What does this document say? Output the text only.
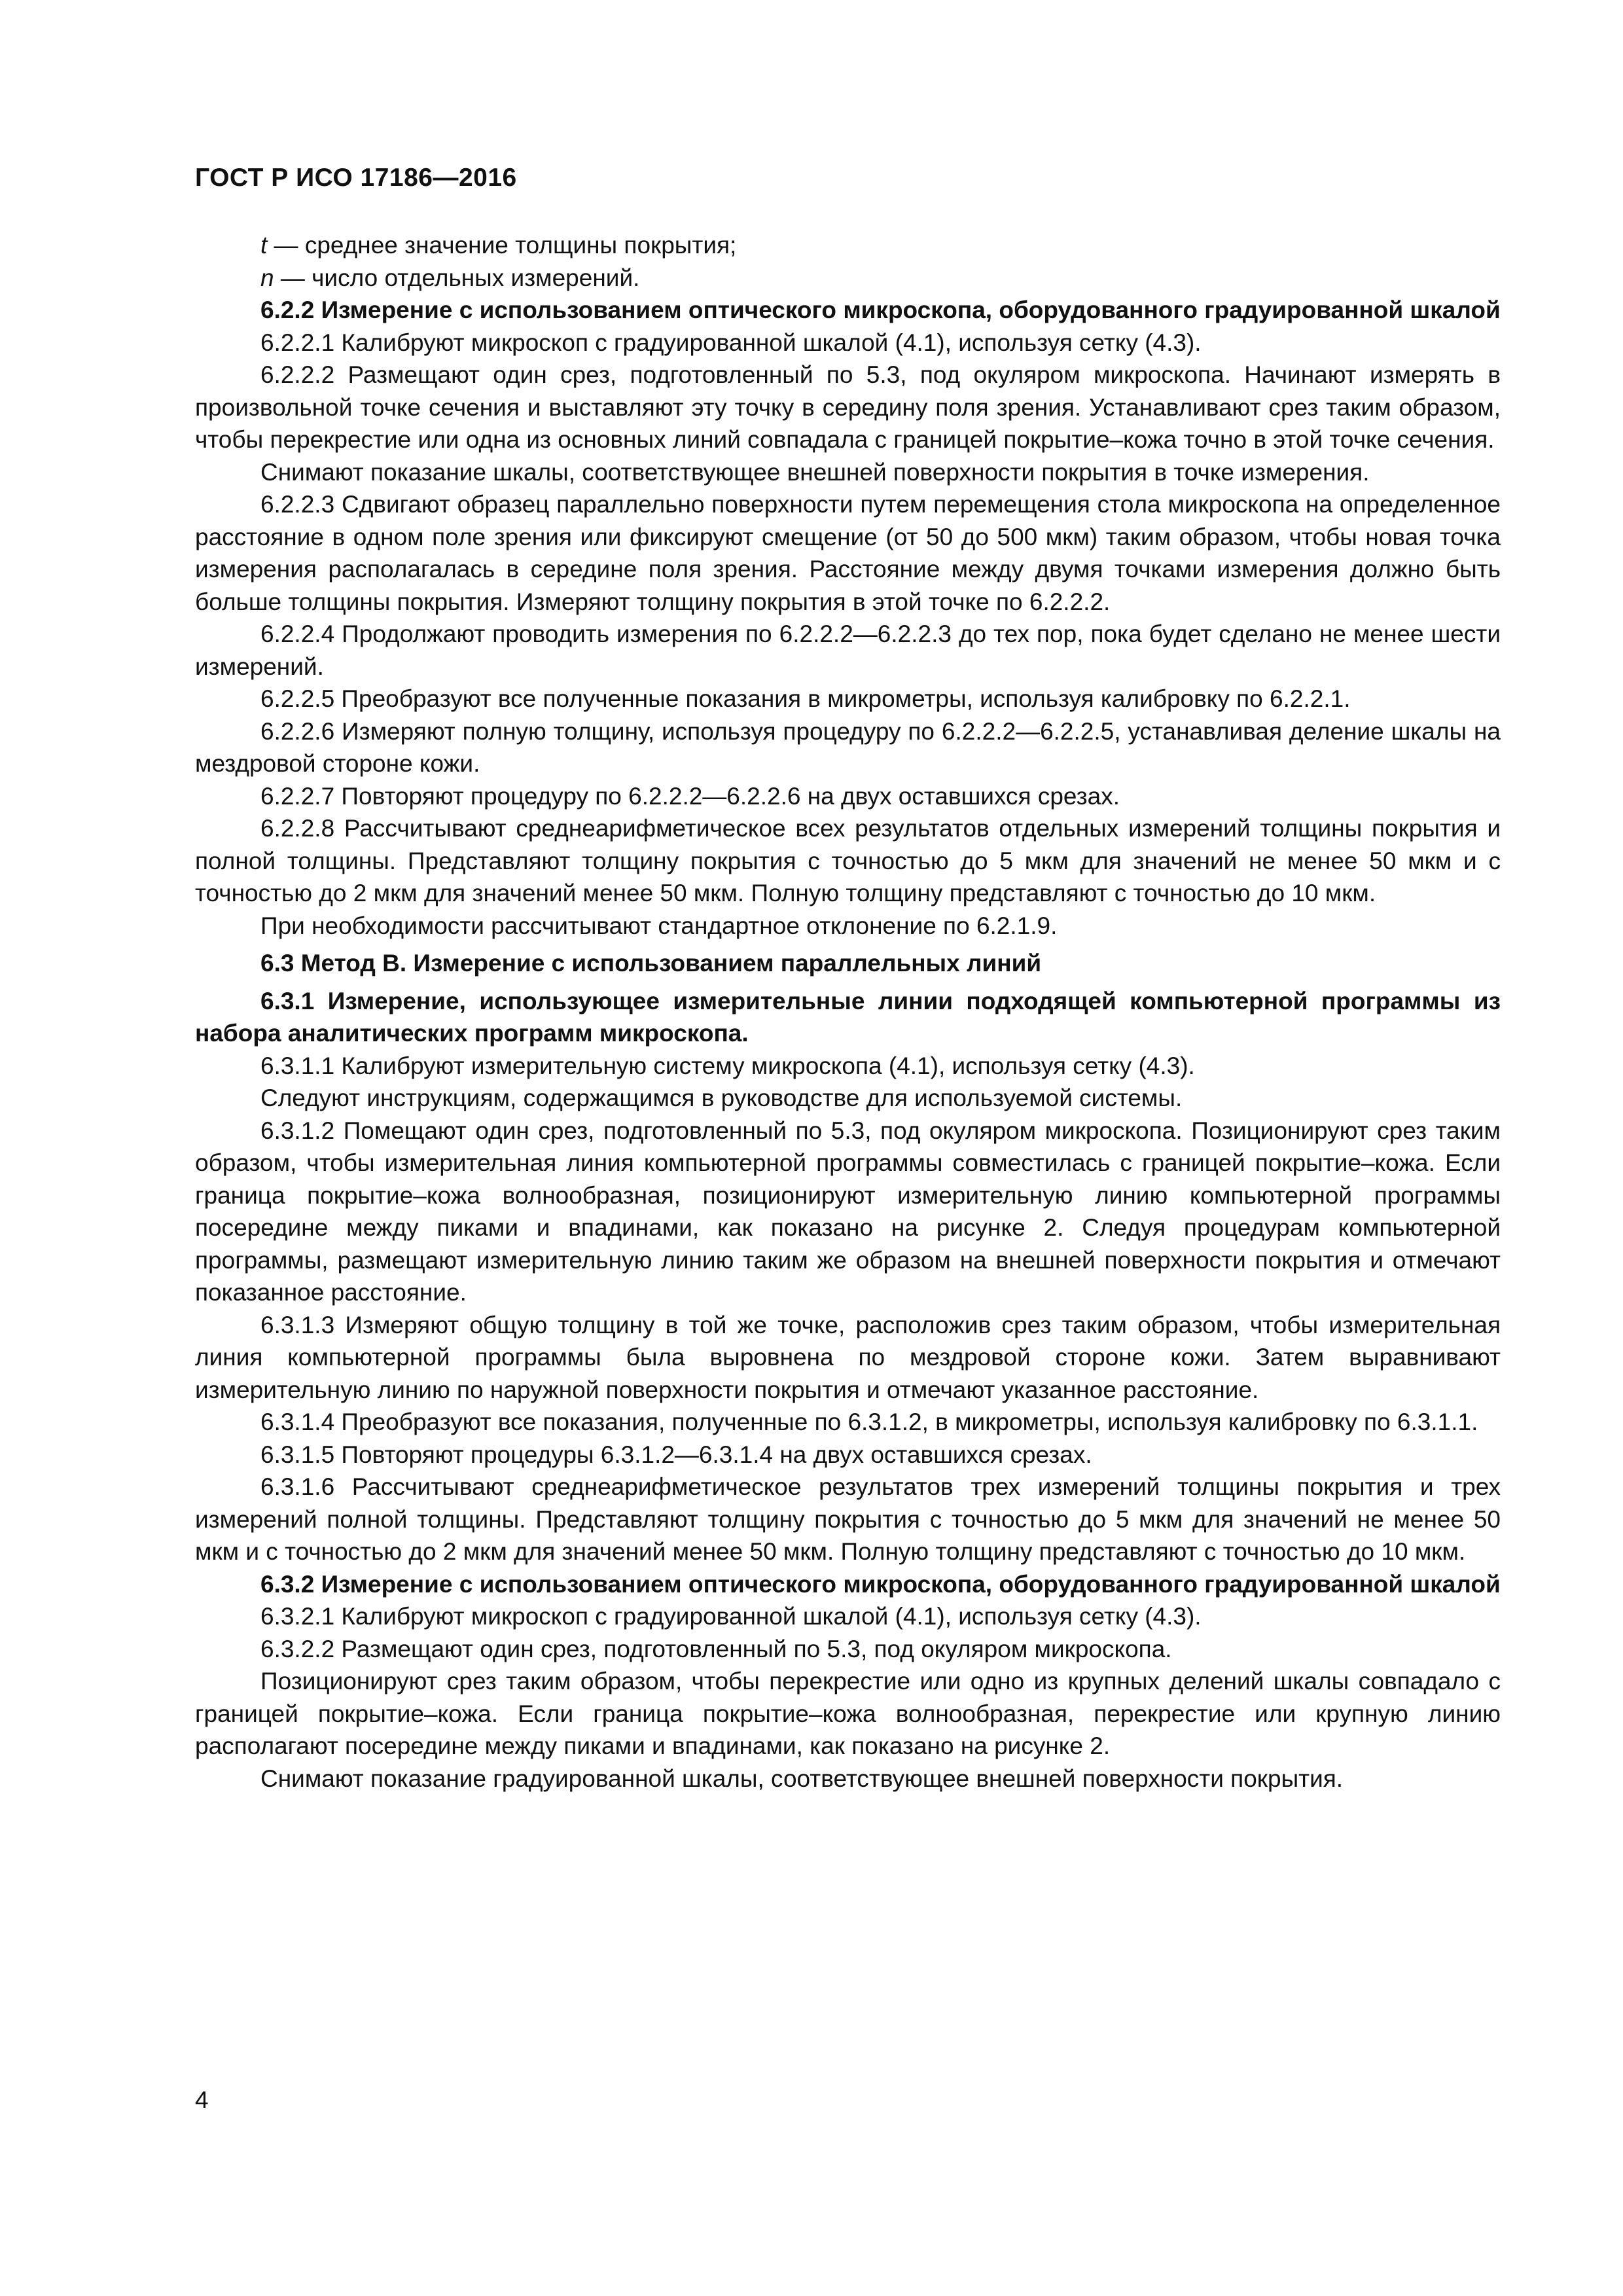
ГОСТ Р ИСО 17186—2016

t — среднее значение толщины покрытия;

n — число отдельных измерений.

6.2.2 Измерение с использованием оптического микроскопа, оборудованного градуированной шкалой

6.2.2.1 Калибруют микроскоп с градуированной шкалой (4.1), используя сетку (4.3).

6.2.2.2 Размещают один срез, подготовленный по 5.3, под окуляром микроскопа. Начинают измерять в произвольной точке сечения и выставляют эту точку в середину поля зрения. Устанавливают срез таким образом, чтобы перекрестие или одна из основных линий совпадала с границей покрытие–кожа точно в этой точке сечения.

Снимают показание шкалы, соответствующее внешней поверхности покрытия в точке измерения.

6.2.2.3 Сдвигают образец параллельно поверхности путем перемещения стола микроскопа на определенное расстояние в одном поле зрения или фиксируют смещение (от 50 до 500 мкм) таким образом, чтобы новая точка измерения располагалась в середине поля зрения. Расстояние между двумя точками измерения должно быть больше толщины покрытия. Измеряют толщину покрытия в этой точке по 6.2.2.2.

6.2.2.4 Продолжают проводить измерения по 6.2.2.2—6.2.2.3 до тех пор, пока будет сделано не менее шести измерений.

6.2.2.5 Преобразуют все полученные показания в микрометры, используя калибровку по 6.2.2.1.

6.2.2.6 Измеряют полную толщину, используя процедуру по 6.2.2.2—6.2.2.5, устанавливая деление шкалы на мездровой стороне кожи.

6.2.2.7 Повторяют процедуру по 6.2.2.2—6.2.2.6 на двух оставшихся срезах.

6.2.2.8 Рассчитывают среднеарифметическое всех результатов отдельных измерений толщины покрытия и полной толщины. Представляют толщину покрытия с точностью до 5 мкм для значений не менее 50 мкм и с точностью до 2 мкм для значений менее 50 мкм. Полную толщину представляют с точностью до 10 мкм.

При необходимости рассчитывают стандартное отклонение по 6.2.1.9.

6.3 Метод В. Измерение с использованием параллельных линий

6.3.1 Измерение, использующее измерительные линии подходящей компьютерной программы из набора аналитических программ микроскопа.

6.3.1.1 Калибруют измерительную систему микроскопа (4.1), используя сетку (4.3).

Следуют инструкциям, содержащимся в руководстве для используемой системы.

6.3.1.2 Помещают один срез, подготовленный по 5.3, под окуляром микроскопа. Позиционируют срез таким образом, чтобы измерительная линия компьютерной программы совместилась с границей покрытие–кожа. Если граница покрытие–кожа волнообразная, позиционируют измерительную линию компьютерной программы посередине между пиками и впадинами, как показано на рисунке 2. Следуя процедурам компьютерной программы, размещают измерительную линию таким же образом на внешней поверхности покрытия и отмечают показанное расстояние.

6.3.1.3 Измеряют общую толщину в той же точке, расположив срез таким образом, чтобы измерительная линия компьютерной программы была выровнена по мездровой стороне кожи. Затем выравнивают измерительную линию по наружной поверхности покрытия и отмечают указанное расстояние.

6.3.1.4 Преобразуют все показания, полученные по 6.3.1.2, в микрометры, используя калибровку по 6.3.1.1.

6.3.1.5 Повторяют процедуры 6.3.1.2—6.3.1.4 на двух оставшихся срезах.

6.3.1.6 Рассчитывают среднеарифметическое результатов трех измерений толщины покрытия и трех измерений полной толщины. Представляют толщину покрытия с точностью до 5 мкм для значений не менее 50 мкм и с точностью до 2 мкм для значений менее 50 мкм. Полную толщину представляют с точностью до 10 мкм.

6.3.2 Измерение с использованием оптического микроскопа, оборудованного градуированной шкалой

6.3.2.1 Калибруют микроскоп с градуированной шкалой (4.1), используя сетку (4.3).

6.3.2.2 Размещают один срез, подготовленный по 5.3, под окуляром микроскопа.

Позиционируют срез таким образом, чтобы перекрестие или одно из крупных делений шкалы совпадало с границей покрытие–кожа. Если граница покрытие–кожа волнообразная, перекрестие или крупную линию располагают посередине между пиками и впадинами, как показано на рисунке 2.

Снимают показание градуированной шкалы, соответствующее внешней поверхности покрытия.

4
